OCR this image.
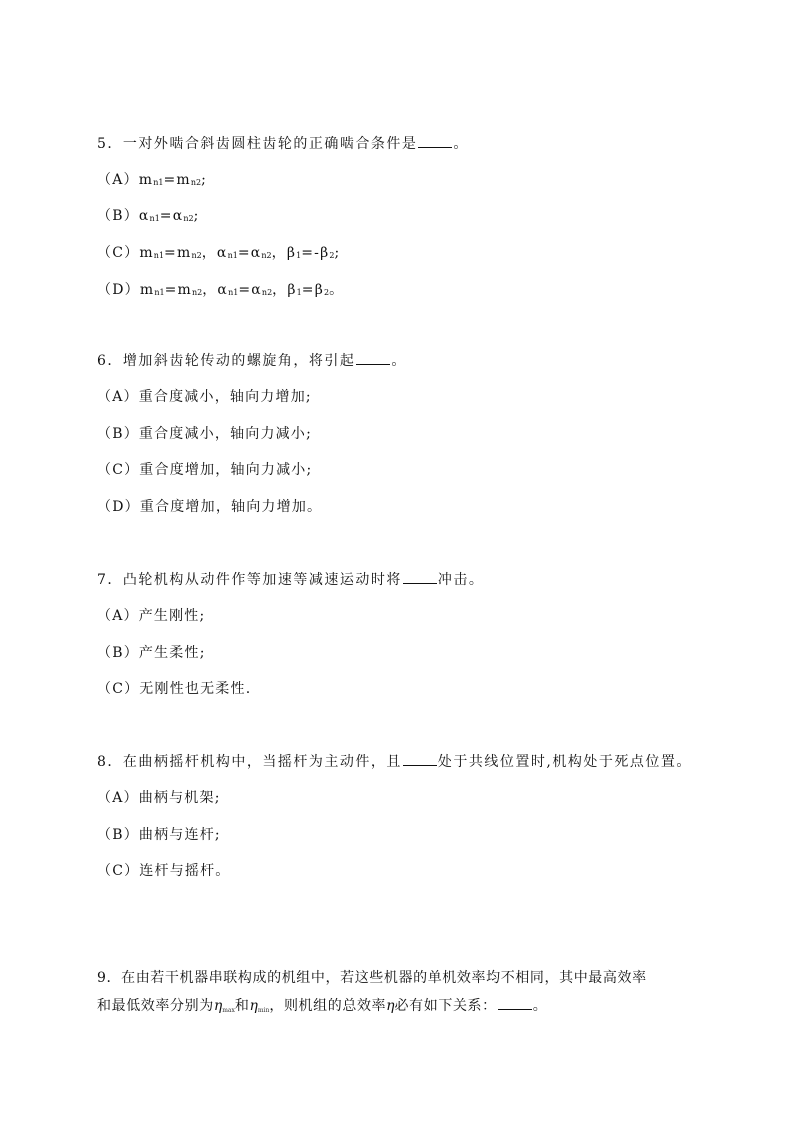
5．一对外啮合斜齿圆柱齿轮的正确啮合条件是	。
$(A)m_{n1}=m_{n2}$;
$(B)\alpha_{n1}=\alpha_{n2}$;
$(C)m_{n1}=m_{n2}$，$\alpha_{n1}=\alpha_{n2}$，$\beta_1=-\beta_2$;
$(D)m_{n1}=m_{n2}$，$\alpha_{n1}=\alpha_{n2}$，$\beta_1=\beta_2$。
6．增加斜齿轮传动的螺旋角，将引起	。
（A）重合度减小，轴向力增加;
（B）重合度减小，轴向力减小;
（C）重合度增加，轴向力减小;
（D）重合度增加，轴向力增加。
7．凸轮机构从动件作等加速等减速运动时将	冲击。
（A）产生刚性;
（B）产生柔性;
（C）无刚性也无柔性.
8．在曲柄摇杆机构中，当摇杆为主动件，且	处于共线位置时,机构处于死点位置。
（A）曲柄与机架;
（B）曲柄与连杆;
（C）连杆与摇杆。
9．在由若干机器串联构成的机组中，若这些机器的单机效率均不相同，其中最高效率
和最低效率分别为ηmax和ηmin，则机组的总效率η必有如下关系：	。
